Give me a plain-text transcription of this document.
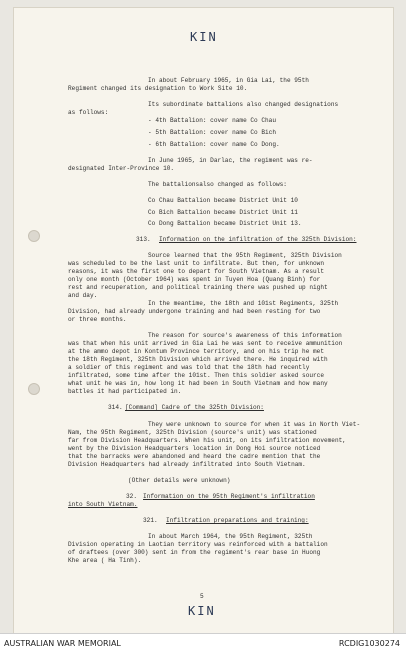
KIN
KIN
In about February 1965, in Gia Lai, the 95th
Regiment changed its designation to Work Site 10.
Its subordinate battalions also changed designations
as follows:
- 4th Battalion: cover name Co Chau
- 5th Battalion: cover name Co Bich
- 6th Battalion: cover name Co Dong.
In June 1965, in Darlac, the regiment was re-
designated Inter-Province 10.
The battalionsalso changed as follows:
Co Chau Battalion became District Unit 10
Co Bich Battalion became District Unit 11
Co Dong Battalion became District Unit 13.
313. Information on the infiltration of the 325th Division:
Source learned that the 95th Regiment, 325th Division
was scheduled to be the last unit to infiltrate. But then, for unknown
reasons, it was the first one to depart for South Vietnam. As a result
only one month (October 1964) was spent in Tuyen Hoa (Quang Binh) for
rest and recuperation, and political training there was pushed up night
and day.
In the meantime, the 18th and 101st Regiments, 325th
Division, had already undergone training and had been resting for two
or three months.
The reason for source's awareness of this information
was that when his unit arrived in Gia Lai he was sent to receive ammunition
at the ammo depot in Kontum Province territory, and on his trip he met
the 18th Regiment, 325th Division which arrived there. He inquired with
a soldier of this regiment and was told that the 18th had recently
infiltrated, some time after the 101st. Then this soldier asked source
what unit he was in, how long it had been in South Vietnam and how many
battles it had participated in.
314. [Command] Cadre of the 325th Division:
They were unknown to source for when it was in North Viet-
Nam, the 95th Regiment, 325th Division (source's unit) was stationed
far from Division Headquarters. When his unit, on its infiltration movement,
went by the Division Headquarters location in Dong Hoi source noticed
that the barracks were abandoned and heard the cadre mention that the
Division Headquarters had already infiltrated into South Vietnam.
(Other details were unknown)
32. Information on the 95th Regiment's infiltration
into South Vietnam.
321. Infiltration preparations and training:
In about March 1964, the 95th Regiment, 325th
Division operating in Laotian territory was reinforced with a battalion
of draftees (over 300) sent in from the regiment's rear base in Huong
Khe area ( Ha Tinh).
5
AUSTRALIAN WAR MEMORIAL	RCDIG1030274
